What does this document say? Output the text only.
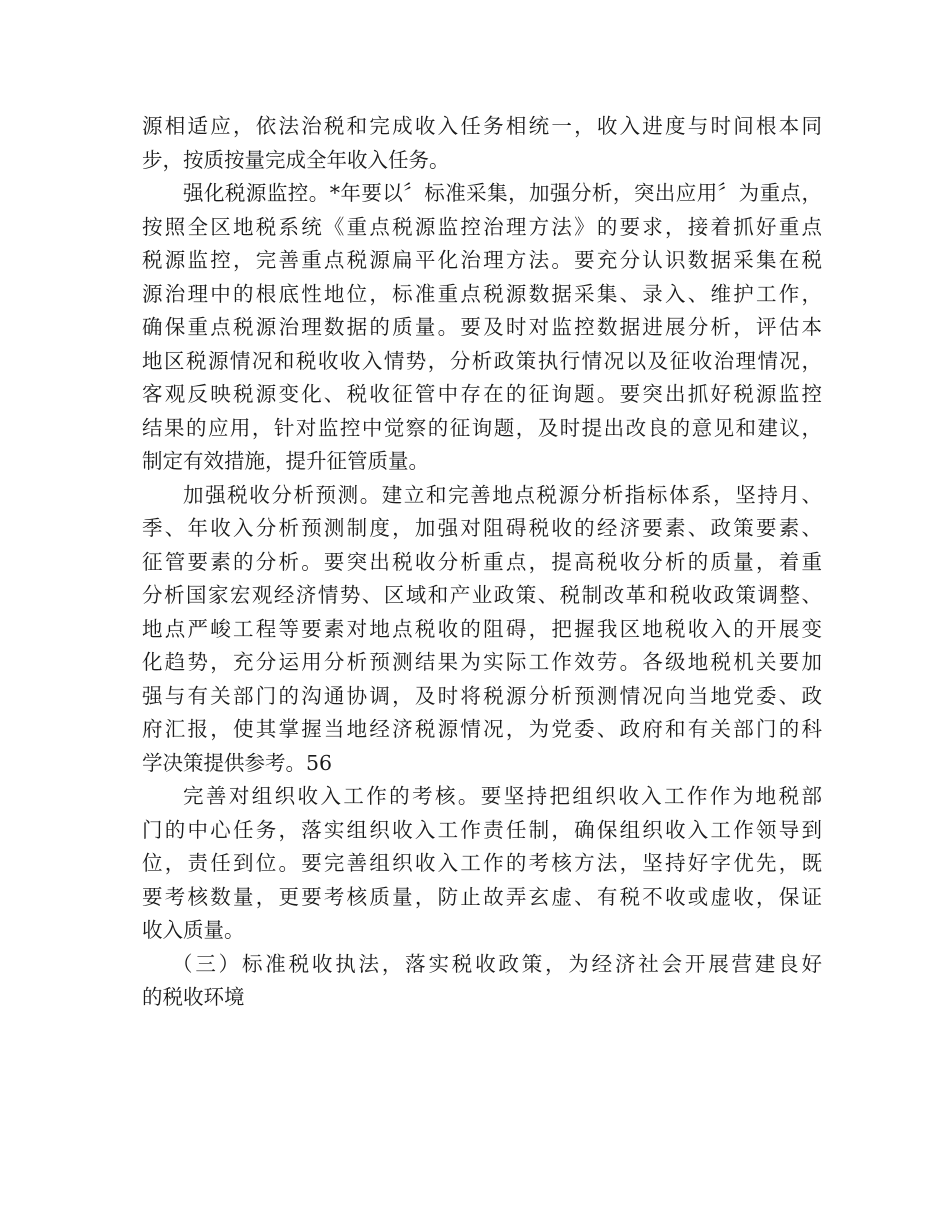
源相适应，依法治税和完成收入任务相统一，收入进度与时间根本同
步，按质按量完成全年收入任务。
强化税源监控。*年要以〞标准采集，加强分析，突出应用〞为重点，
按照全区地税系统《重点税源监控治理方法》的要求，接着抓好重点
税源监控，完善重点税源扁平化治理方法。要充分认识数据采集在税
源治理中的根底性地位，标准重点税源数据采集、录入、维护工作，
确保重点税源治理数据的质量。要及时对监控数据进展分析，评估本
地区税源情况和税收收入情势，分析政策执行情况以及征收治理情况，
客观反映税源变化、税收征管中存在的征询题。要突出抓好税源监控
结果的应用，针对监控中觉察的征询题，及时提出改良的意见和建议，
制定有效措施，提升征管质量。
加强税收分析预测。建立和完善地点税源分析指标体系，坚持月、
季、年收入分析预测制度，加强对阻碍税收的经济要素、政策要素、
征管要素的分析。要突出税收分析重点，提高税收分析的质量，着重
分析国家宏观经济情势、区域和产业政策、税制改革和税收政策调整、
地点严峻工程等要素对地点税收的阻碍，把握我区地税收入的开展变
化趋势，充分运用分析预测结果为实际工作效劳。各级地税机关要加
强与有关部门的沟通协调，及时将税源分析预测情况向当地党委、政
府汇报，使其掌握当地经济税源情况，为党委、政府和有关部门的科
学决策提供参考。56
完善对组织收入工作的考核。要坚持把组织收入工作作为地税部
门的中心任务，落实组织收入工作责任制，确保组织收入工作领导到
位，责任到位。要完善组织收入工作的考核方法，坚持好字优先，既
要考核数量，更要考核质量，防止故弄玄虚、有税不收或虚收，保证
收入质量。
（三）标准税收执法，落实税收政策，为经济社会开展营建良好
的税收环境
